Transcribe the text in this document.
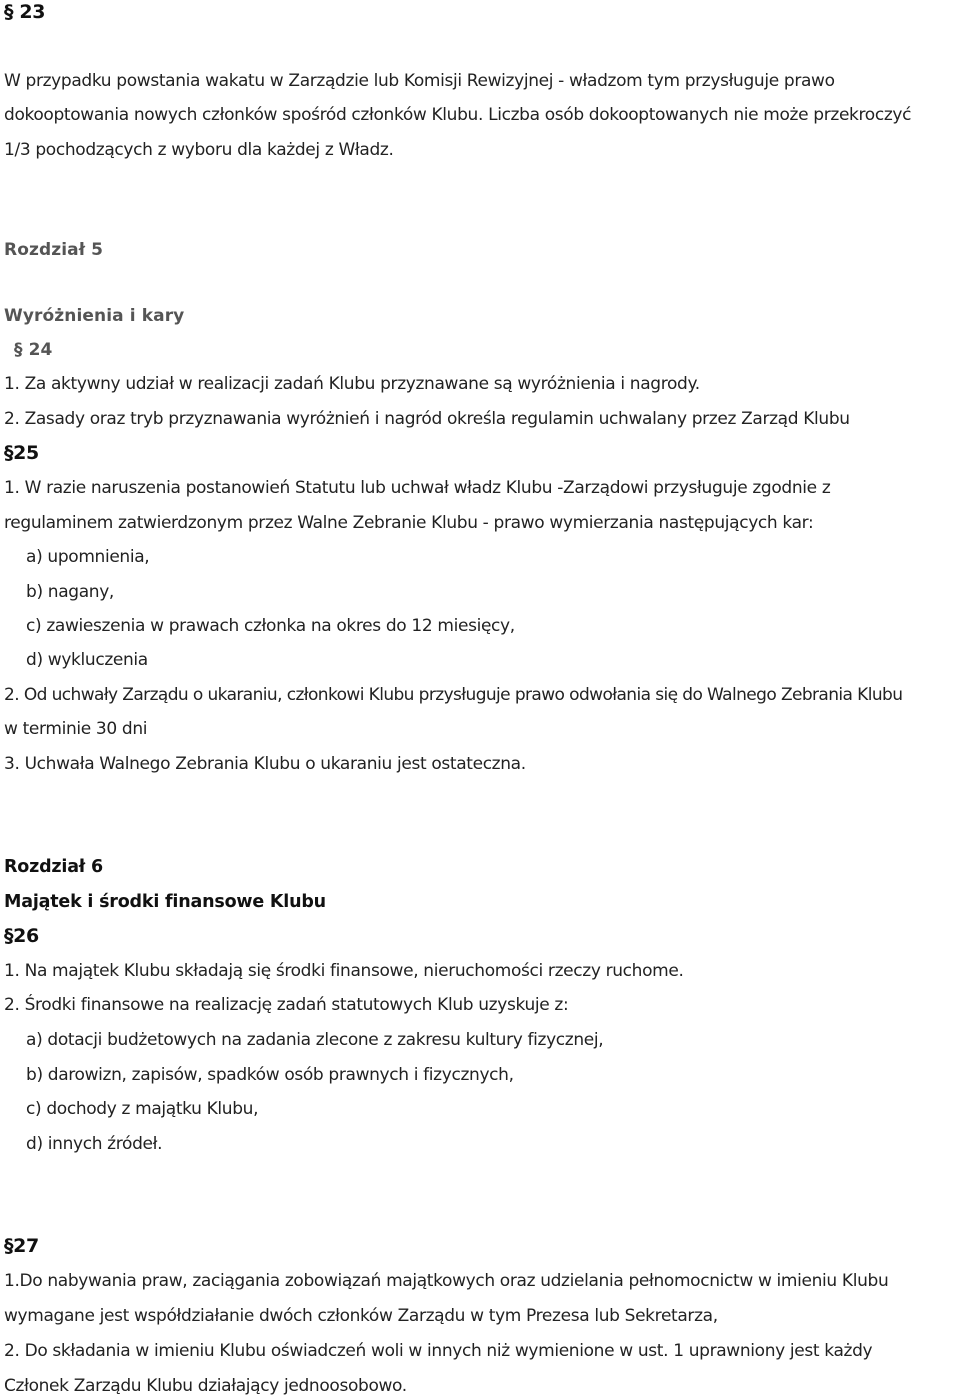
§ 23
W przypadku powstania wakatu w Zarządzie lub Komisji Rewizyjnej - władzom tym przysługuje prawo
dokooptowania nowych członków spośród członków Klubu. Liczba osób dokooptowanych nie może przekroczyć
1/3 pochodzących z wyboru dla każdej z Władz.
Rozdział 5
Wyróżnienia i kary
§ 24
1. Za aktywny udział w realizacji zadań Klubu przyznawane są wyróżnienia i nagrody.
2. Zasady oraz tryb przyznawania wyróżnień i nagród określa regulamin uchwalany przez Zarząd Klubu
§25
1. W razie naruszenia postanowień Statutu lub uchwał władz Klubu -Zarządowi przysługuje zgodnie z
regulaminem zatwierdzonym przez Walne Zebranie Klubu - prawo wymierzania następujących kar:
a) upomnienia,
b) nagany,
c) zawieszenia w prawach członka na okres do 12 miesięcy,
d) wykluczenia
2. Od uchwały Zarządu o ukaraniu, członkowi Klubu przysługuje prawo odwołania się do Walnego Zebrania Klubu
w terminie 30 dni
3. Uchwała Walnego Zebrania Klubu o ukaraniu jest ostateczna.
Rozdział 6
Majątek i środki finansowe Klubu
§26
1. Na majątek Klubu składają się środki finansowe, nieruchomości rzeczy ruchome.
2. Środki finansowe na realizację zadań statutowych Klub uzyskuje z:
a) dotacji budżetowych na zadania zlecone z zakresu kultury fizycznej,
b) darowizn, zapisów, spadków osób prawnych i fizycznych,
c) dochody z majątku Klubu,
d) innych źródeł.
§27
1.Do nabywania praw, zaciągania zobowiązań majątkowych oraz udzielania pełnomocnictw w imieniu Klubu
wymagane jest współdziałanie dwóch członków Zarządu w tym Prezesa lub Sekretarza,
2. Do składania w imieniu Klubu oświadczeń woli w innych niż wymienione w ust. 1 uprawniony jest każdy
Członek Zarządu Klubu działający jednoosobowo.
